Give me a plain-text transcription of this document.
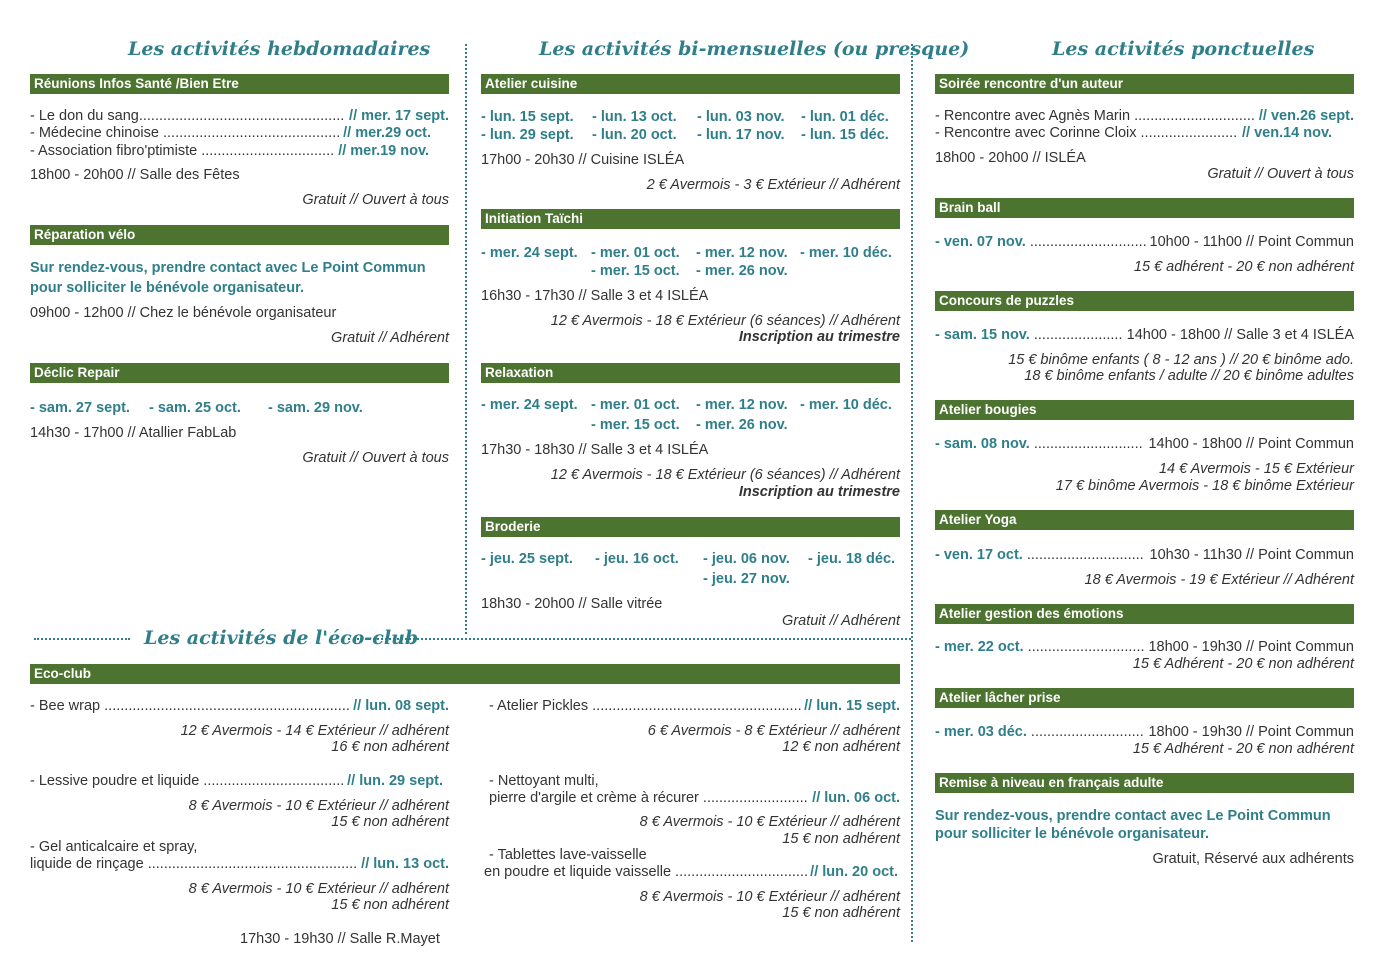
Les activités hebdomadaires
Réunions Infos Santé /Bien Etre
- Le don du sang................................................... // mer. 17 sept.
- Médecine chinoise ............................................ // mer.29 oct.
- Association fibro'ptimiste ................................. // mer.19 nov.
18h00 - 20h00 // Salle des Fêtes
Gratuit // Ouvert à tous
Réparation vélo
Sur rendez-vous, prendre contact avec Le Point Commun
pour solliciter le bénévole organisateur.
09h00 - 12h00 // Chez le bénévole organisateur
Gratuit // Adhérent
Déclic Repair
- sam. 27 sept. - sam. 25 oct. - sam. 29 nov.
14h30 - 17h00 // Atallier FabLab
Gratuit // Ouvert à tous
Les activités bi-mensuelles (ou presque)
Atelier cuisine
- lun. 15 sept. - lun. 13 oct. - lun. 03 nov. - lun. 01 déc.
- lun. 29 sept. - lun. 20 oct. - lun. 17 nov. - lun. 15 déc.
17h00 - 20h30 // Cuisine ISLÉA
2 € Avermois - 3 € Extérieur // Adhérent
Initiation Taïchi
- mer. 24 sept. - mer. 01 oct. - mer. 12 nov. - mer. 10 déc.
- mer. 15 oct. - mer. 26 nov.
16h30 - 17h30 // Salle 3 et 4 ISLÉA
12 € Avermois - 18 € Extérieur (6 séances) // Adhérent
Inscription au trimestre
Relaxation
- mer. 24 sept. - mer. 01 oct. - mer. 12 nov. - mer. 10 déc.
- mer. 15 oct. - mer. 26 nov.
17h30 - 18h30 // Salle 3 et 4 ISLÉA
12 € Avermois - 18 € Extérieur (6 séances) // Adhérent
Inscription au trimestre
Broderie
- jeu. 25 sept. - jeu. 16 oct. - jeu. 06 nov. - jeu. 18 déc.
- jeu. 27 nov.
18h30 - 20h00 // Salle vitrée
Gratuit // Adhérent
Les activités ponctuelles
Soirée rencontre d'un auteur
- Rencontre avec Agnès Marin .............................. // ven.26 sept.
- Rencontre avec Corinne Cloix ........................ // ven.14 nov.
18h00 - 20h00 // ISLÉA
Gratuit // Ouvert à tous
Brain ball
- ven. 07 nov. ............................. 10h00 - 11h00 // Point Commun
15 € adhérent - 20 € non adhérent
Concours de puzzles
- sam. 15 nov. ...................... 14h00 - 18h00 // Salle 3 et 4 ISLÉA
15 € binôme enfants ( 8 - 12 ans ) // 20 € binôme ado.
18 € binôme enfants / adulte // 20 € binôme adultes
Atelier bougies
- sam. 08 nov. ........................... 14h00 - 18h00 // Point Commun
14 € Avermois - 15 € Extérieur
17 € binôme Avermois - 18 € binôme Extérieur
Atelier Yoga
- ven. 17 oct. ............................. 10h30 - 11h30 // Point Commun
18 € Avermois - 19 € Extérieur // Adhérent
Atelier gestion des émotions
- mer. 22 oct. ............................. 18h00 - 19h30 // Point Commun
15 € Adhérent - 20 € non adhérent
Atelier lâcher prise
- mer. 03 déc. ............................ 18h00 - 19h30 // Point Commun
15 € Adhérent - 20 € non adhérent
Remise à niveau en français adulte
Sur rendez-vous, prendre contact avec Le Point Commun
pour solliciter le bénévole organisateur.
Gratuit, Réservé aux adhérents
Les activités de l'éco-club
Eco-club
- Bee wrap ............................................................. // lun. 08 sept.
12 € Avermois - 14 € Extérieur // adhérent
16 € non adhérent
- Lessive poudre et liquide ................................... // lun. 29 sept.
8 € Avermois - 10 € Extérieur // adhérent
15 € non adhérent
- Gel anticalcaire et spray,
liquide de rinçage .................................................... // lun. 13 oct.
8 € Avermois - 10 € Extérieur // adhérent
15 € non adhérent
17h30 - 19h30 // Salle R.Mayet
- Atelier Pickles .................................................... // lun. 15 sept.
6 € Avermois - 8 € Extérieur // adhérent
12 € non adhérent
- Nettoyant multi,
pierre d'argile et crème à récurer .......................... // lun. 06 oct.
8 € Avermois - 10 € Extérieur // adhérent
15 € non adhérent
- Tablettes lave-vaisselle
en poudre et liquide vaisselle ................................. // lun. 20 oct.
8 € Avermois - 10 € Extérieur // adhérent
15 € non adhérent
